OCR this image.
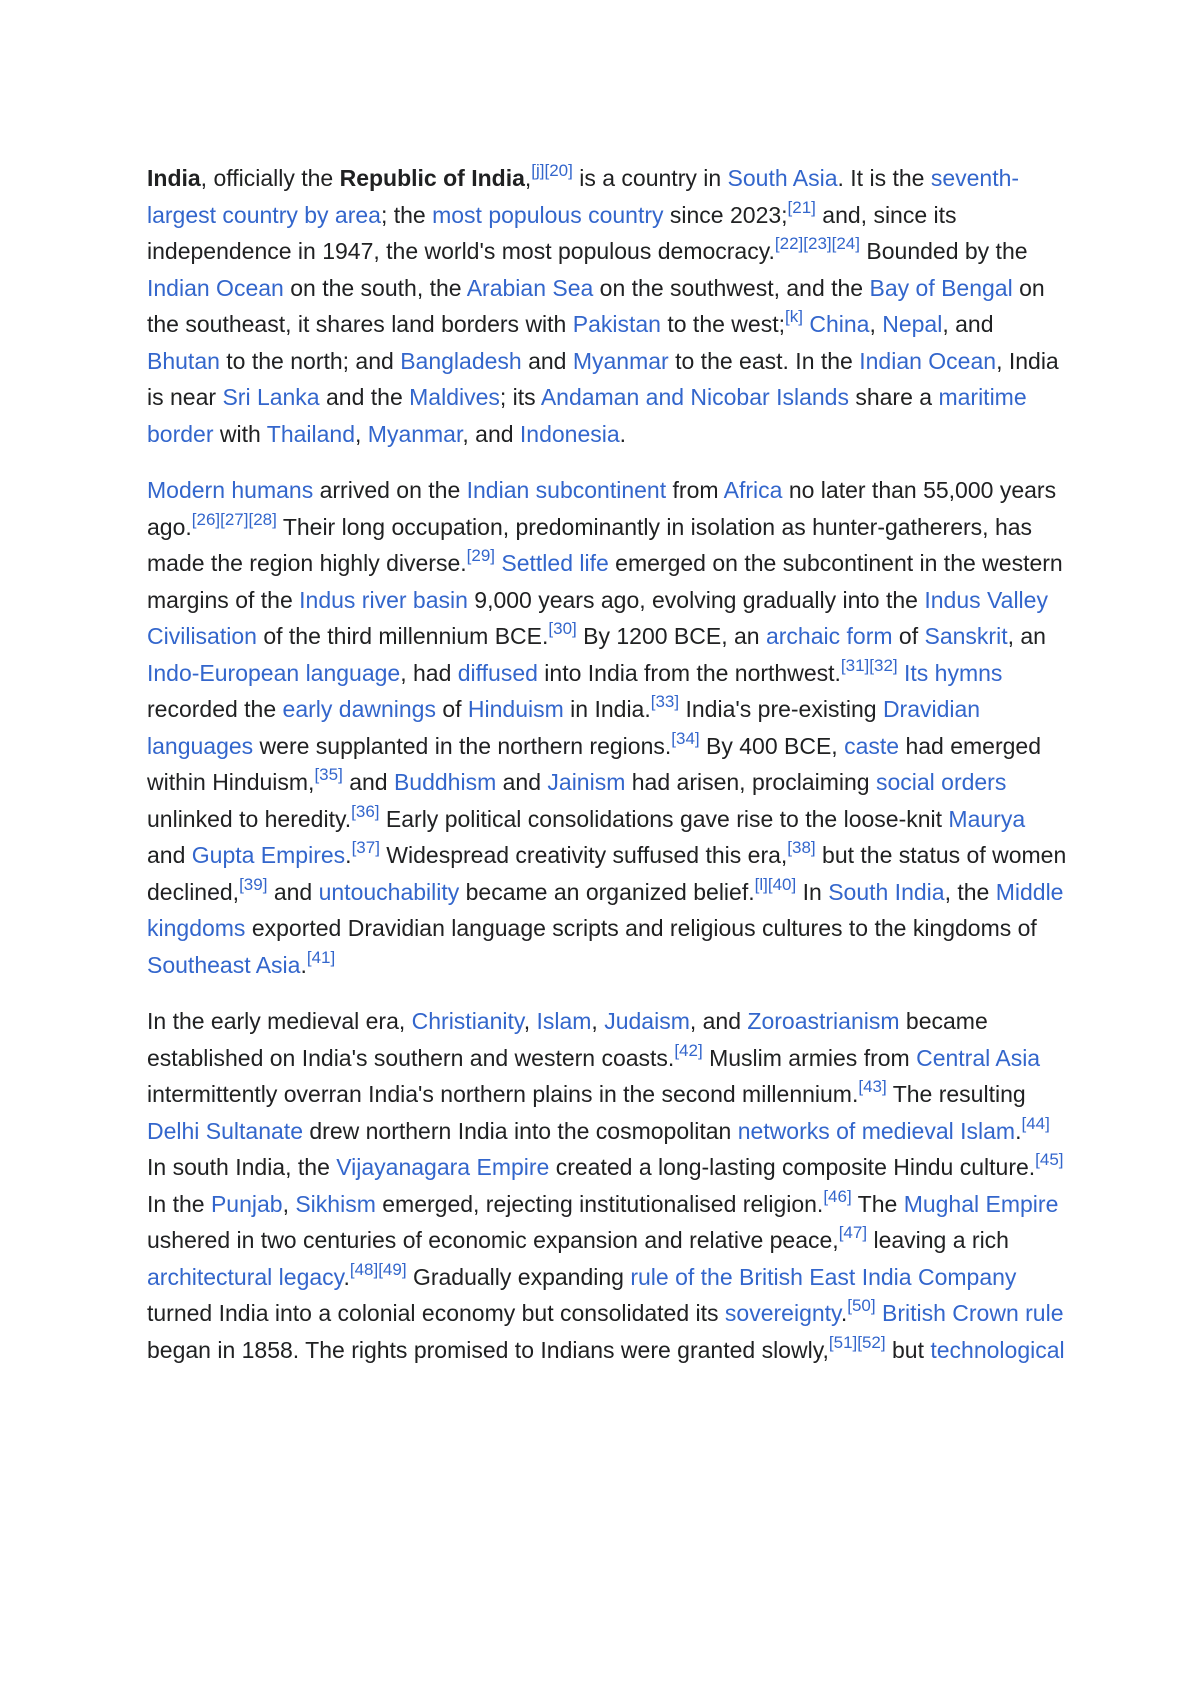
India, officially the Republic of India,[j][20] is a country in South Asia. It is the seventh-largest country by area; the most populous country since 2023;[21] and, since its independence in 1947, the world's most populous democracy.[22][23][24] Bounded by the Indian Ocean on the south, the Arabian Sea on the southwest, and the Bay of Bengal on the southeast, it shares land borders with Pakistan to the west;[k] China, Nepal, and Bhutan to the north; and Bangladesh and Myanmar to the east. In the Indian Ocean, India is near Sri Lanka and the Maldives; its Andaman and Nicobar Islands share a maritime border with Thailand, Myanmar, and Indonesia.

Modern humans arrived on the Indian subcontinent from Africa no later than 55,000 years ago.[26][27][28] Their long occupation, predominantly in isolation as hunter-gatherers, has made the region highly diverse.[29] Settled life emerged on the subcontinent in the western margins of the Indus river basin 9,000 years ago, evolving gradually into the Indus Valley Civilisation of the third millennium BCE.[30] By 1200 BCE, an archaic form of Sanskrit, an Indo-European language, had diffused into India from the northwest.[31][32] Its hymns recorded the early dawnings of Hinduism in India.[33] India's pre-existing Dravidian languages were supplanted in the northern regions.[34] By 400 BCE, caste had emerged within Hinduism,[35] and Buddhism and Jainism had arisen, proclaiming social orders unlinked to heredity.[36] Early political consolidations gave rise to the loose-knit Maurya and Gupta Empires.[37] Widespread creativity suffused this era,[38] but the status of women declined,[39] and untouchability became an organized belief.[l][40] In South India, the Middle kingdoms exported Dravidian language scripts and religious cultures to the kingdoms of Southeast Asia.[41]

In the early medieval era, Christianity, Islam, Judaism, and Zoroastrianism became established on India's southern and western coasts.[42] Muslim armies from Central Asia intermittently overran India's northern plains in the second millennium.[43] The resulting Delhi Sultanate drew northern India into the cosmopolitan networks of medieval Islam.[44] In south India, the Vijayanagara Empire created a long-lasting composite Hindu culture.[45] In the Punjab, Sikhism emerged, rejecting institutionalised religion.[46] The Mughal Empire ushered in two centuries of economic expansion and relative peace,[47] leaving a rich architectural legacy.[48][49] Gradually expanding rule of the British East India Company turned India into a colonial economy but consolidated its sovereignty.[50] British Crown rule began in 1858. The rights promised to Indians were granted slowly,[51][52] but technological
